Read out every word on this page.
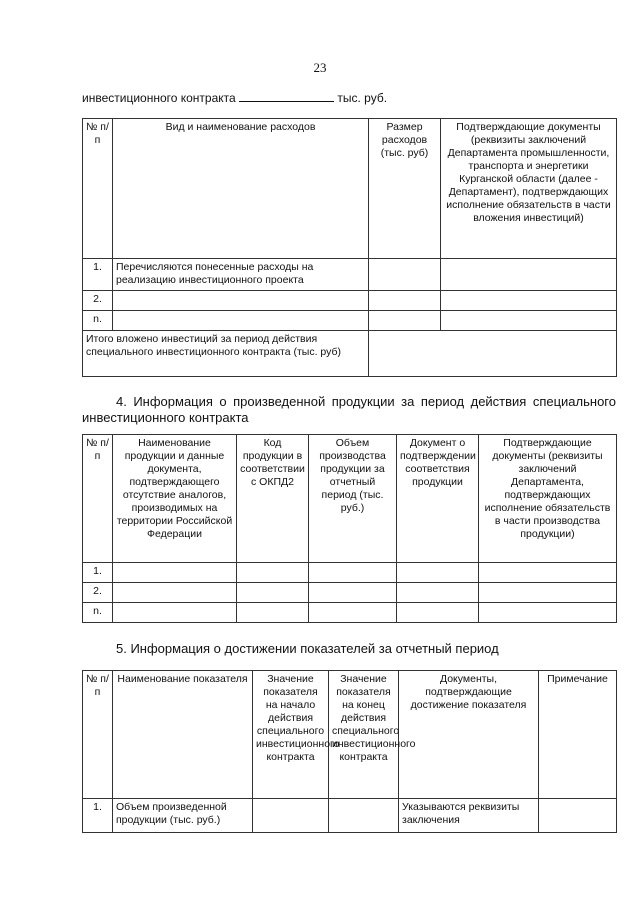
23
инвестиционного контракта	тыс. руб.
№ п/п	Вид и наименование расходов	Размер расходов (тыс. руб)	Подтверждающие документы (реквизиты заключений Департамента промышленности, транспорта и энергетики Курганской области (далее - Департамент), подтверждающих исполнение обязательств в части вложения инвестиций)
1.	Перечисляются понесенные расходы на реализацию инвестиционного проекта		
2.			
n.			
Итого вложено инвестиций за период действия специального инвестиционного контракта (тыс. руб)			
4. Информация о произведенной продукции за период действия специального инвестиционного контракта
№ п/п	Наименование продукции и данные документа, подтверждающего отсутствие аналогов, производимых на территории Российской Федерации	Код продукции в соответствии с ОКПД2	Объем производства продукции за отчетный период (тыс. руб.)	Документ о подтверждении соответствия продукции	Подтверждающие документы (реквизиты заключений Департамента, подтверждающих исполнение обязательств в части производства продукции)
1.					
2.					
n.					
5. Информация о достижении показателей за отчетный период
№ п/п	Наименование показателя	Значение показателя на начало действия специального инвестиционного контракта	Значение показателя на конец действия специального инвестиционного контракта	Документы, подтверждающие достижение показателя	Примечание
1.	Объем произведенной продукции (тыс. руб.)			Указываются реквизиты заключения	
